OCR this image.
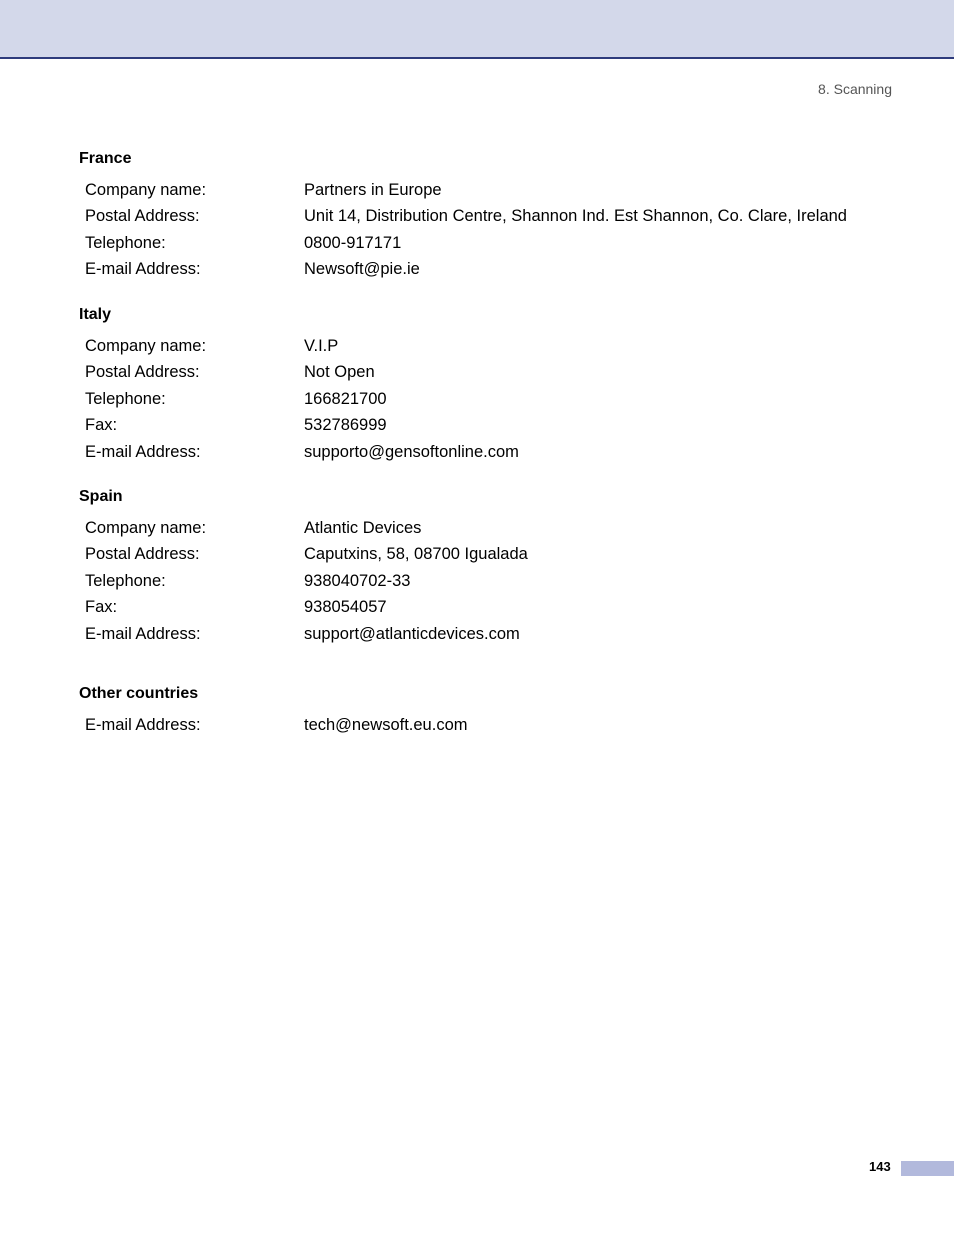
8. Scanning
France
Company name:	Partners in Europe
Postal Address:	Unit 14, Distribution Centre, Shannon Ind. Est Shannon, Co. Clare, Ireland
Telephone:	0800-917171
E-mail Address:	Newsoft@pie.ie
Italy
Company name:	V.I.P
Postal Address:	Not Open
Telephone:	166821700
Fax:	532786999
E-mail Address:	supporto@gensoftonline.com
Spain
Company name:	Atlantic Devices
Postal Address:	Caputxins, 58, 08700 Igualada
Telephone:	938040702-33
Fax:	938054057
E-mail Address:	support@atlanticdevices.com
Other countries
E-mail Address:	tech@newsoft.eu.com
143
